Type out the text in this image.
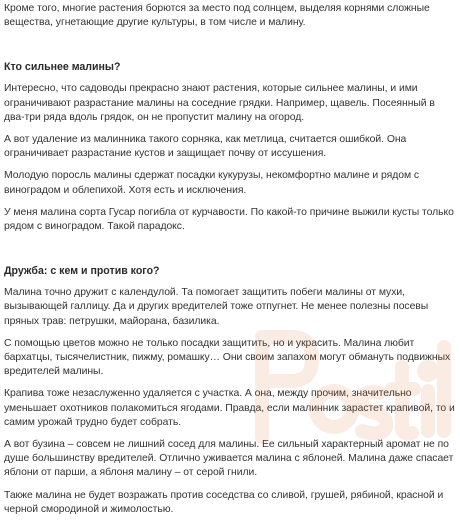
Кроме того, многие растения борются за место под солнцем, выделяя корнями сложные вещества, угнетающие другие культуры, в том числе и малину.

Кто сильнее малины?

Интересно, что садоводы прекрасно знают растения, которые сильнее малины, и ими ограничивают разрастание малины на соседние грядки. Например, щавель. Посеянный в два-три ряда вдоль грядок, он не пропустит малину на огород.

А вот удаление из малинника такого сорняка, как метлица, считается ошибкой. Она ограничивает разрастание кустов и защищает почву от иссушения.

Молодую поросль малины сдержат посадки кукурузы, некомфортно малине и рядом с виноградом и облепихой. Хотя есть и исключения.

У меня малина сорта Гусар погибла от курчавости. По какой-то причине выжили кусты только рядом с виноградом. Такой парадокс.

Дружба: с кем и против кого?

Малина точно дружит с календулой. Та помогает защитить побеги малины от мухи, вызывающей галлицу. Да и других вредителей тоже отпугнет. Не менее полезны посевы пряных трав: петрушки, майорана, базилика.

С помощью цветов можно не только посадки защитить, но и украсить. Малина любит бархатцы, тысячелистник, пижму, ромашку… Они своим запахом могут обмануть подвижных вредителей малины.

Крапива тоже незаслуженно удаляется с участка. А она, между прочим, значительно уменьшает охотников полакомиться ягодами. Правда, если малинник зарастет крапивой, то и самим урожай трудно будет собрать.

А вот бузина – совсем не лишний сосед для малины. Ее сильный характерный аромат не по душе большинству вредителей. Отлично уживается малина с яблоней. Малина даже спасает яблони от парши, а яблоня малину – от серой гнили.

Также малина не будет возражать против соседства со сливой, грушей, рябиной, красной и черной смородиной и жимолостью.
